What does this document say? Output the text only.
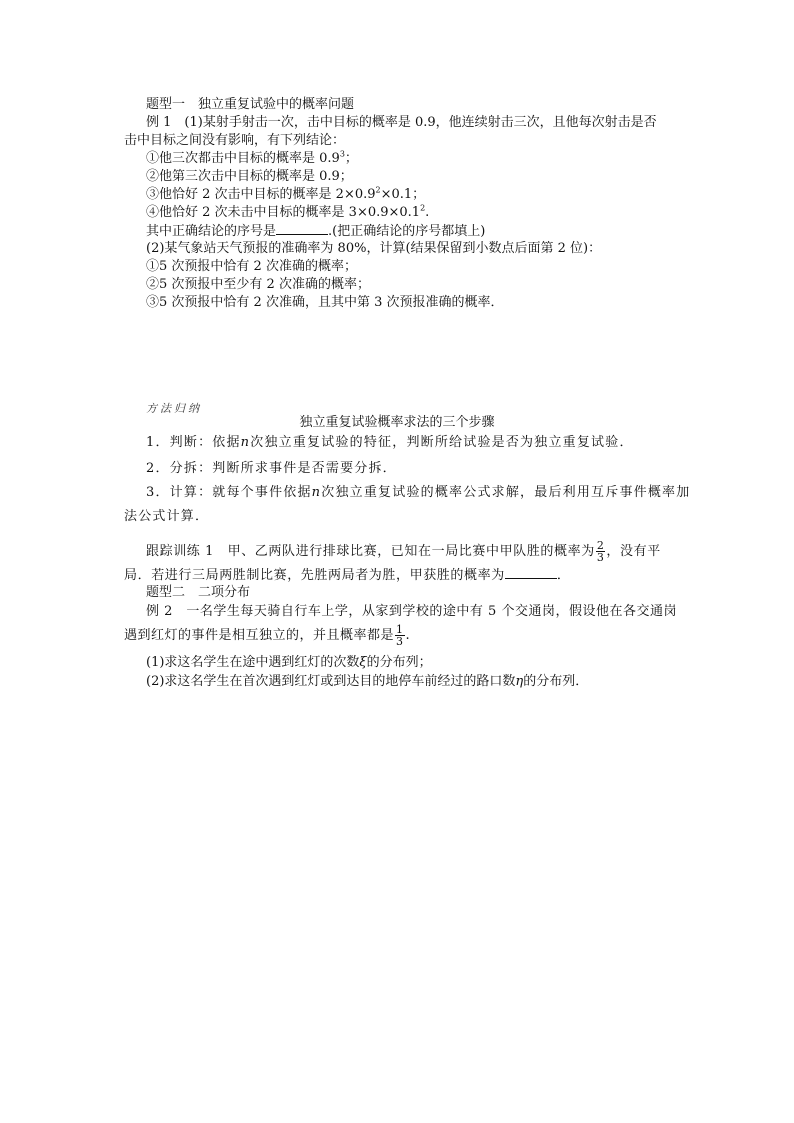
题型一　独立重复试验中的概率问题
例 1　(1)某射手射击一次，击中目标的概率是 0.9，他连续射击三次，且他每次射击是否
击中目标之间没有影响，有下列结论：
①他三次都击中目标的概率是 $0.9^3$；
②他第三次击中目标的概率是 0.9；
③他恰好 2 次击中目标的概率是 $2\times 0.9^2\times 0.1$；
④他恰好 2 次未击中目标的概率是 $3\times 0.9\times 0.1^2$.
其中正确结论的序号是	.(把正确结论的序号都填上)
(2)某气象站天气预报的准确率为 80%，计算(结果保留到小数点后面第 2 位)：
①5 次预报中恰有 2 次准确的概率；
②5 次预报中至少有 2 次准确的概率；
③5 次预报中恰有 2 次准确，且其中第 3 次预报准确的概率．
方法归纳
独立重复试验概率求法的三个步骤
1．判断：依据n次独立重复试验的特征，判断所给试验是否为独立重复试验．
2．分拆：判断所求事件是否需要分拆．
3．计算：就每个事件依据n次独立重复试验的概率公式求解，最后利用互斥事件概率加
法公式计算．
跟踪训练 1　甲、乙两队进行排球比赛，已知在一局比赛中甲队胜的概率为 $\frac{2}{3}$ ，没有平
局．若进行三局两胜制比赛，先胜两局者为胜，甲获胜的概率为	．
题型二　二项分布
例 2　一名学生每天骑自行车上学，从家到学校的途中有 5 个交通岗，假设他在各交通岗
遇到红灯的事件是相互独立的，并且概率都是 $\frac{1}{3}$ .
(1)求这名学生在途中遇到红灯的次数ξ的分布列；
(2)求这名学生在首次遇到红灯或到达目的地停车前经过的路口数η的分布列．
